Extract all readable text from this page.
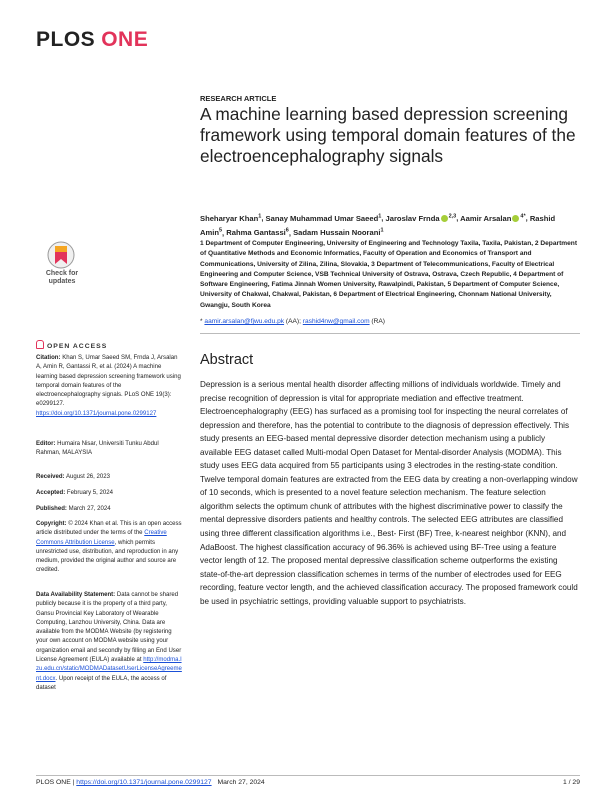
PLOS ONE
RESEARCH ARTICLE
A machine learning based depression screening framework using temporal domain features of the electroencephalography signals
Sheharyar Khan$^1$, Sanay Muhammad Umar Saeed$^1$, Jaroslav Frnda $^{2,3}$, Aamir Arsalan $^{4*}$, Rashid Amin$^5$, Rahma Gantassi$^6$, Sadam Hussain Noorani$^1$
1 Department of Computer Engineering, University of Engineering and Technology Taxila, Taxila, Pakistan, 2 Department of Quantitative Methods and Economic Informatics, Faculty of Operation and Economics of Transport and Communications, University of Zilina, Zilina, Slovakia, 3 Department of Telecommunications, Faculty of Electrical Engineering and Computer Science, VSB Technical University of Ostrava, Ostrava, Czech Republic, 4 Department of Software Engineering, Fatima Jinnah Women University, Rawalpindi, Pakistan, 5 Department of Computer Science, University of Chakwal, Chakwal, Pakistan, 6 Department of Electrical Engineering, Chonnam National University, Gwangju, South Korea
* aamir.arsalan@fjwu.edu.pk (AA); rashid4nw@gmail.com (RA)
Abstract

Depression is a serious mental health disorder affecting millions of individuals worldwide. Timely and precise recognition of depression is vital for appropriate mediation and effective treatment. Electroencephalography (EEG) has surfaced as a promising tool for inspecting the neural correlates of depression and therefore, has the potential to contribute to the diagnosis of depression effectively. This study presents an EEG-based mental depressive disorder detection mechanism using a publicly available EEG dataset called Multi-modal Open Dataset for Mental-disorder Analysis (MODMA). This study uses EEG data acquired from 55 participants using 3 electrodes in the resting-state condition. Twelve temporal domain features are extracted from the EEG data by creating a non-overlapping window of 10 seconds, which is presented to a novel feature selection mechanism. The feature selection algorithm selects the optimum chunk of attributes with the highest discriminative power to classify the mental depressive disorders patients and healthy controls. The selected EEG attributes are classified using three different classification algorithms i.e., Best- First (BF) Tree, k-nearest neighbor (KNN), and AdaBoost. The highest classification accuracy of 96.36% is achieved using BF-Tree using a feature vector length of 12. The proposed mental depressive classification scheme outperforms the existing state-of-the-art depression classification schemes in terms of the number of electrodes used for EEG recording, feature vector length, and the achieved classification accuracy. The proposed framework could be used in psychiatric settings, providing valuable support to psychiatrists.

Check for
updates
OPEN ACCESS

Citation: Khan S, Umar Saeed SM, Frnda J, Arsalan A, Amin R, Gantassi R, et al. (2024) A machine learning based depression screening framework using temporal domain features of the electroencephalography signals. PLoS ONE 19(3): e0299127. https://doi.org/10.1371/journal.pone.0299127

Editor: Humaira Nisar, Universiti Tunku Abdul Rahman, MALAYSIA

Received: August 26, 2023

Accepted: February 5, 2024

Published: March 27, 2024

Copyright: © 2024 Khan et al. This is an open access article distributed under the terms of the Creative Commons Attribution License, which permits unrestricted use, distribution, and reproduction in any medium, provided the original author and source are credited.

Data Availability Statement: Data cannot be shared publicly because it is the property of a third party, Gansu Provincial Key Laboratory of Wearable Computing, Lanzhou University, China. Data are available from the MODMA Website (by registering your own account on MODMA website using your organization email and secondly by filling an End User License Agreement (EULA) available at http://modma.lzu.edu.cn/static/MODMADatasetUserLicenseAgreement.docx. Upon receipt of the EULA, the access of dataset

PLOS ONE | https://doi.org/10.1371/journal.pone.0299127 March 27, 2024	1 / 29
